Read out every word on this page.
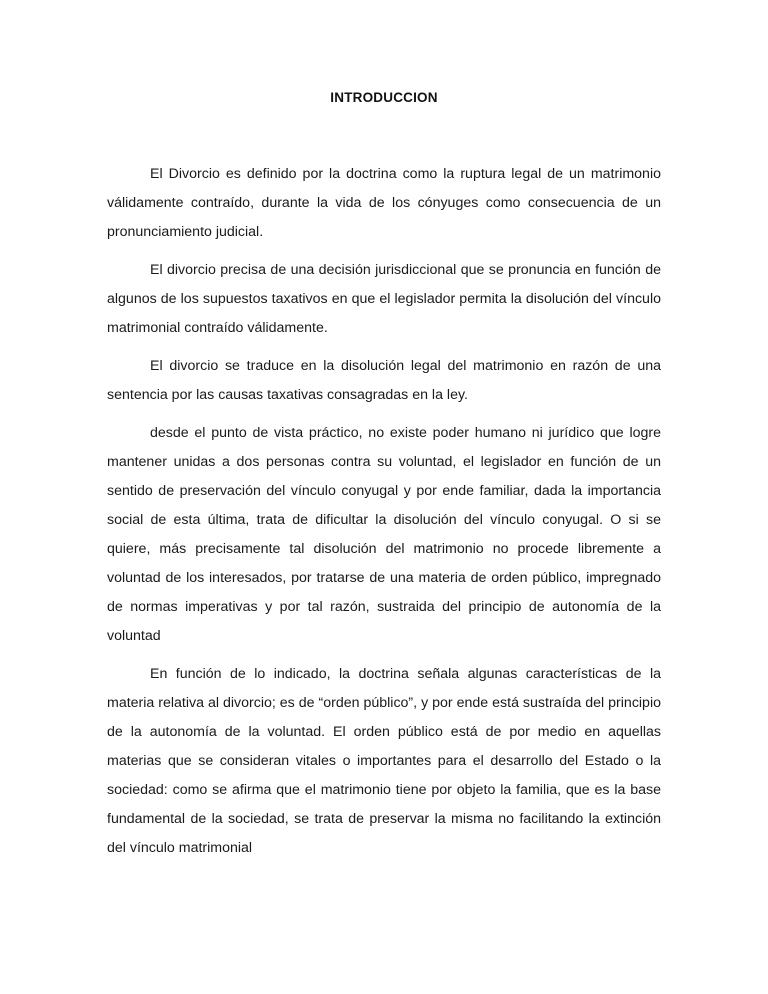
INTRODUCCION

El Divorcio es definido por la doctrina como la ruptura legal de un matrimonio válidamente contraído, durante la vida de los cónyuges como consecuencia de un pronunciamiento judicial.

El divorcio precisa de una decisión jurisdiccional que se pronuncia en función de algunos de los supuestos taxativos en que el legislador permita la disolución del vínculo matrimonial contraído válidamente.

El divorcio se traduce en la disolución legal del matrimonio en razón de una sentencia por las causas taxativas consagradas en la ley.

desde el punto de vista práctico, no existe poder humano ni jurídico que logre mantener unidas a dos personas contra su voluntad, el legislador en función de un sentido de preservación del vínculo conyugal y por ende familiar, dada la importancia social de esta última, trata de dificultar la disolución del vínculo conyugal. O si se quiere, más precisamente tal disolución del matrimonio no procede libremente a voluntad de los interesados, por tratarse de una materia de orden público, impregnado de normas imperativas y por tal razón, sustraida del principio de autonomía de la voluntad

En función de lo indicado, la doctrina señala algunas características de la materia relativa al divorcio; es de “orden público”, y por ende está sustraída del principio de la autonomía de la voluntad. El orden público está de por medio en aquellas materias que se consideran vitales o importantes para el desarrollo del Estado o la sociedad: como se afirma que el matrimonio tiene por objeto la familia, que es la base fundamental de la sociedad, se trata de preservar la misma no facilitando la extinción del vínculo matrimonial
